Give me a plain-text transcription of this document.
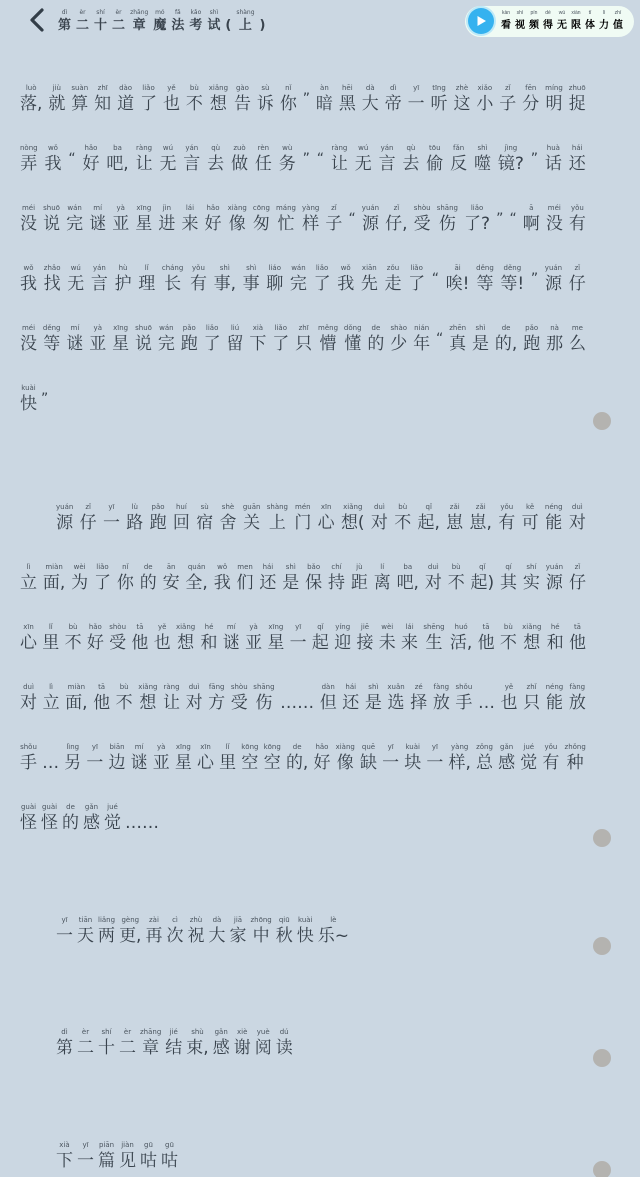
dì
第
èr
二
shí
十
èr
二
zhāng
章
mó
魔
fǎ
法
kǎo
考
shì
试 (
shàng
上 )
kàn
看
shì
视
pín
频
dé
得
wú
无
xiàn
限
tǐ
体
lì
力
zhí
值
luò
落,
jiù
就
suàn
算
zhī
知
dào
道
liǎo
了
yě
也
bù
不
xiǎng
想
gào
告
sù
诉
nǐ
你 ”
àn
暗
hēi
黑
dà
大
dì
帝
yī
一
tīng
听
zhè
这
xiǎo
小
zǐ
子
fēn
分
míng
明
zhuō
捉
nòng
弄
wǒ
我 “
hǎo
好
ba
吧,
ràng
让
wú
无
yán
言
qù
去
zuò
做
rèn
任
wù
务 ” “
ràng
让
wú
无
yán
言
qù
去
tōu
偷
fǎn
反
shì
噬
jìng
镜? ”
huà
话
hái
还
méi
没
shuō
说
wán
完
mí
谜
yà
亚
xīng
星
jìn
进
lái
来
hǎo
好
xiàng
像
cōng
匆
máng
忙
yàng
样
zǐ
子 “
yuán
源
zǐ
仔,
shòu
受
shāng
伤
liǎo
了? ” “
ā
啊
méi
没
yǒu
有
wǒ
我
zhǎo
找
wú
无
yán
言
hù
护
lǐ
理
cháng
长
yǒu
有
shì
事,
shì
事
liáo
聊
wán
完
liǎo
了
wǒ
我
xiān
先
zǒu
走
liǎo
了 “
āi
唉!
děng
等
děng
等! ”
yuán
源
zǐ
仔
méi
没
děng
等
mí
谜
yà
亚
xīng
星
shuō
说
wán
完
pǎo
跑
liǎo
了
liú
留
xià
下
liǎo
了
zhī
只
měng
懵
dǒng
懂
de
的
shào
少
nián
年 “
zhēn
真
shì
是
de
的,
pǎo
跑
nà
那
me
么
kuài
快 ”
yuán
源
zǐ
仔
yī
一
lù
路
pǎo
跑
huí
回
sù
宿
shè
舍
guān
关
shàng
上
mén
门
xīn
心
xiǎng
想(
duì
对
bù
不
qǐ
起,
zǎi
崽
zǎi
崽,
yǒu
有
kě
可
néng
能
duì
对
lì
立
miàn
面,
wèi
为
liǎo
了
nǐ
你
de
的
ān
安
quán
全,
wǒ
我
men
们
hái
还
shì
是
bǎo
保
chí
持
jù
距
lí
离
ba
吧,
duì
对
bù
不
qǐ
起)
qí
其
shí
实
yuán
源
zǐ
仔
xīn
心
lǐ
里
bù
不
hǎo
好
shòu
受
tā
他
yě
也
xiǎng
想
hé
和
mí
谜
yà
亚
xīng
星
yī
一
qǐ
起
yíng
迎
jiē
接
wèi
未
lái
来
shēng
生
huó
活,
tā
他
bù
不
xiǎng
想
hé
和
tā
他
duì
对
lì
立
miàn
面,
tā
他
bù
不
xiǎng
想
ràng
让
duì
对
fāng
方
shòu
受
shāng
伤 ……
dàn
但
hái
还
shì
是
xuǎn
选
zé
择
fàng
放
shǒu
手 …
yě
也
zhǐ
只
néng
能
fàng
放
shǒu
手 …
lìng
另
yī
一
biān
边
mí
谜
yà
亚
xīng
星
xīn
心
lǐ
里
kōng
空
kōng
空
de
的,
hǎo
好
xiàng
像
quē
缺
yī
一
kuài
块
yī
一
yàng
样,
zǒng
总
gǎn
感
jué
觉
yǒu
有
zhǒng
种
guài
怪
guài
怪
de
的
gǎn
感
jué
觉 ……
yī
一
tiān
天
liǎng
两
gèng
更,
zài
再
cì
次
zhù
祝
dà
大
jiā
家
zhōng
中
qiū
秋
kuài
快
lè
乐~
dì
第
èr
二
shí
十
èr
二
zhāng
章
jié
结
shù
束,
gǎn
感
xiè
谢
yuè
阅
dú
读
xià
下
yī
一
piān
篇
jiàn
见
gū
咕
gū
咕
